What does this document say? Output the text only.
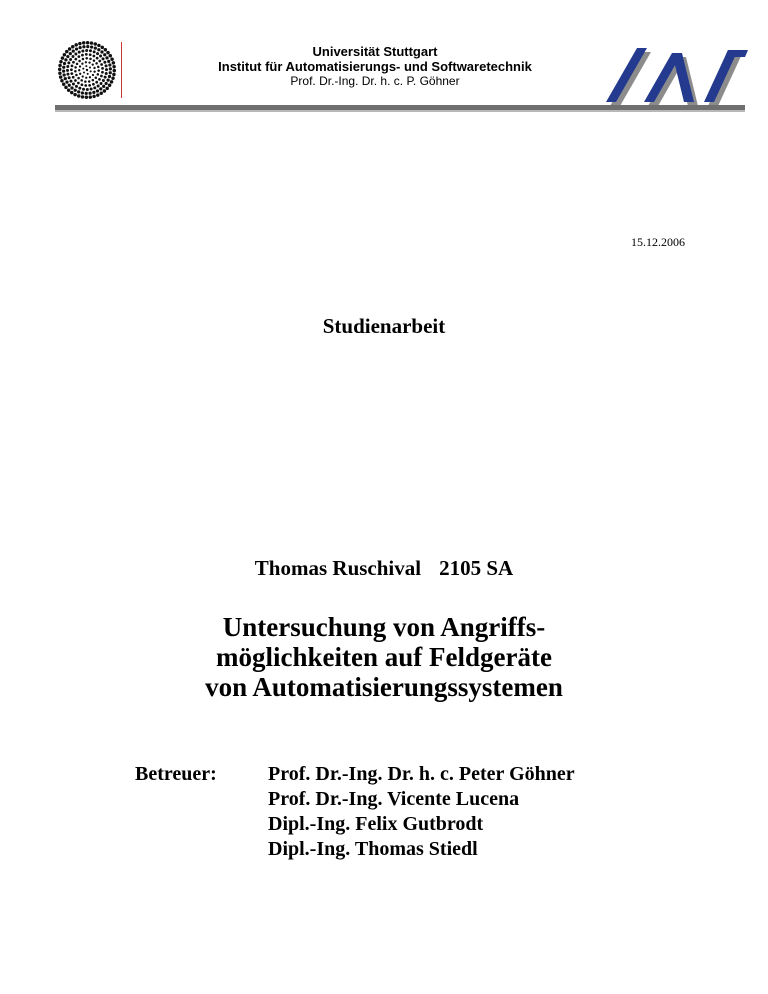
Universität Stuttgart
Institut für Automatisierungs- und Softwaretechnik
Prof. Dr.-Ing. Dr. h. c. P. Göhner
15.12.2006
Studienarbeit
Thomas Ruschival 2105 SA
Untersuchung von Angriffs-
möglichkeiten auf Feldgeräte
von Automatisierungssystemen
Betreuer:	Prof. Dr.-Ing. Dr. h. c. Peter Göhner
Prof. Dr.-Ing. Vicente Lucena
Dipl.-Ing. Felix Gutbrodt
Dipl.-Ing. Thomas Stiedl
